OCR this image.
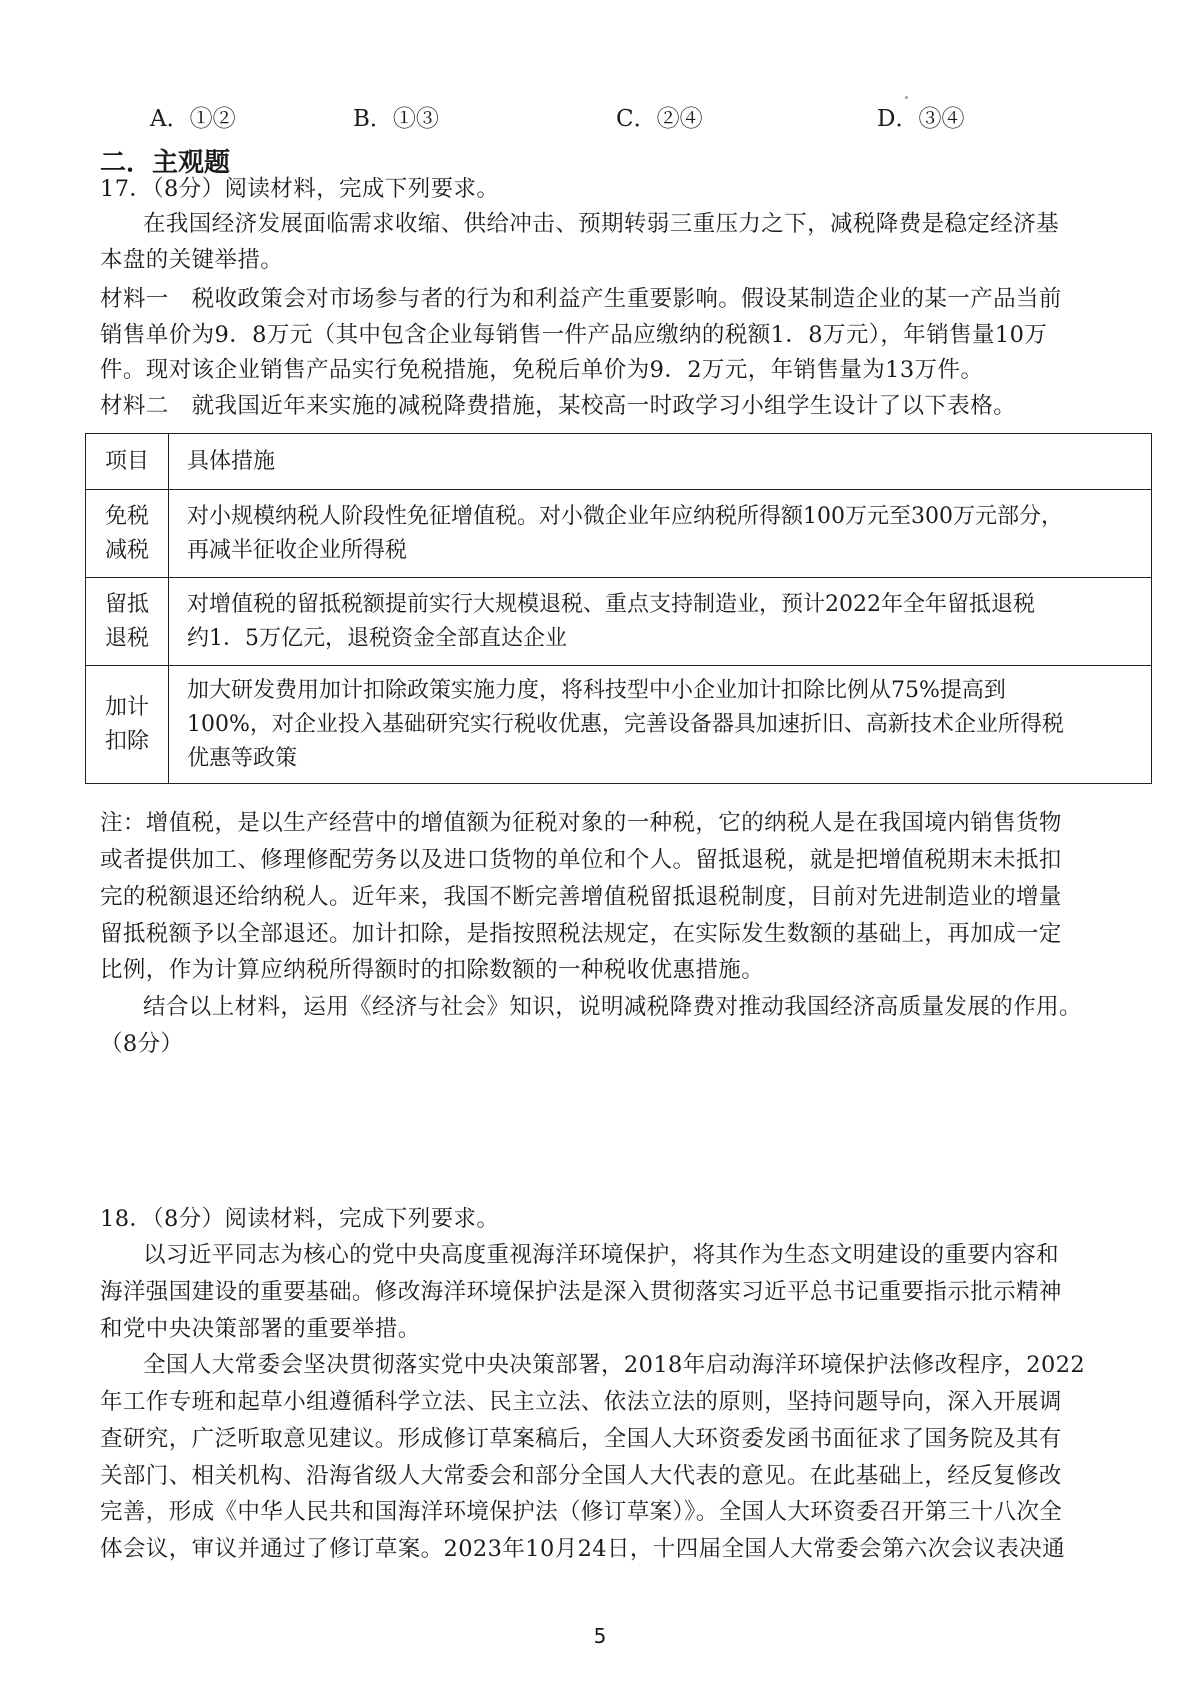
A．①②	B．①③	C．②④	D．③④
二．主观题
17．（8分）阅读材料，完成下列要求。
在我国经济发展面临需求收缩、供给冲击、预期转弱三重压力之下，减税降费是稳定经济基
本盘的关键举措。
材料一　税收政策会对市场参与者的行为和利益产生重要影响。假设某制造企业的某一产品当前
销售单价为9．8万元（其中包含企业每销售一件产品应缴纳的税额1．8万元），年销售量10万
件。现对该企业销售产品实行免税措施，免税后单价为9．2万元，年销售量为13万件。
材料二　就我国近年来实施的减税降费措施，某校高一时政学习小组学生设计了以下表格。
项目	具体措施
免税减税	对小规模纳税人阶段性免征增值税。对小微企业年应纳税所得额100万元至300万元部分，
再减半征收企业所得税

留抵退税	对增值税的留抵税额提前实行大规模退税、重点支持制造业，预计2022年全年留抵退税
约1．5万亿元，退税资金全部直达企业

加计扣除	加大研发费用加计扣除政策实施力度，将科技型中小企业加计扣除比例从75%提高到
100%，对企业投入基础研究实行税收优惠，完善设备器具加速折旧、高新技术企业所得税
优惠等政策
注：增值税，是以生产经营中的增值额为征税对象的一种税，它的纳税人是在我国境内销售货物
或者提供加工、修理修配劳务以及进口货物的单位和个人。留抵退税，就是把增值税期末未抵扣
完的税额退还给纳税人。近年来，我国不断完善增值税留抵退税制度，目前对先进制造业的增量
留抵税额予以全部退还。加计扣除，是指按照税法规定，在实际发生数额的基础上，再加成一定
比例，作为计算应纳税所得额时的扣除数额的一种税收优惠措施。
结合以上材料，运用《经济与社会》知识，说明减税降费对推动我国经济高质量发展的作用。
（8分）
18．（8分）阅读材料，完成下列要求。
以习近平同志为核心的党中央高度重视海洋环境保护，将其作为生态文明建设的重要内容和
海洋强国建设的重要基础。修改海洋环境保护法是深入贯彻落实习近平总书记重要指示批示精神
和党中央决策部署的重要举措。
全国人大常委会坚决贯彻落实党中央决策部署，2018年启动海洋环境保护法修改程序，2022
年工作专班和起草小组遵循科学立法、民主立法、依法立法的原则，坚持问题导向，深入开展调
查研究，广泛听取意见建议。形成修订草案稿后，全国人大环资委发函书面征求了国务院及其有
关部门、相关机构、沿海省级人大常委会和部分全国人大代表的意见。在此基础上，经反复修改
完善，形成《中华人民共和国海洋环境保护法（修订草案）》。全国人大环资委召开第三十八次全
体会议，审议并通过了修订草案。2023年10月24日，十四届全国人大常委会第六次会议表决通
5
